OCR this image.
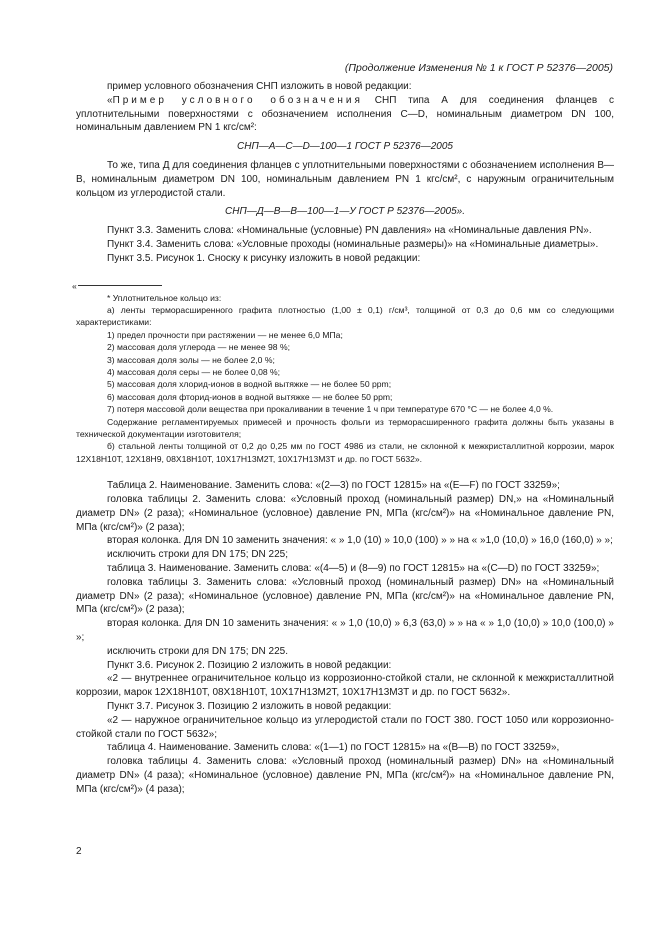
(Продолжение Изменения № 1 к ГОСТ Р 52376—2005)

пример условного обозначения СНП изложить в новой редакции:

«Пример условного обозначения СНП типа А для соединения фланцев с уплотнительными поверхностями с обозначением исполнения С—D, номинальным диаметром DN 100, номинальным давлением PN 1 кгс/см²:

СНП—А—С—D—100—1 ГОСТ Р 52376—2005

То же, типа Д для соединения фланцев с уплотнительными поверхностями с обозначением исполнения В—В, номинальным диаметром DN 100, номинальным давлением PN 1 кгс/см², с наружным ограничительным кольцом из углеродистой стали.

СНП—Д—В—В—100—1—У ГОСТ Р 52376—2005».

Пункт 3.3. Заменить слова: «Номинальные (условные) PN давления» на «Номинальные давления PN».

Пункт 3.4. Заменить слова: «Условные проходы (номинальные размеры)» на «Номинальные диаметры».

Пункт 3.5. Рисунок 1. Сноску к рисунку изложить в новой редакции:

«

* Уплотнительное кольцо из:

а) ленты терморасширенного графита плотностью (1,00 ± 0,1) г/см³, толщиной от 0,3 до 0,6 мм со следующими характеристиками:

1) предел прочности при растяжении — не менее 6,0 МПа;

2) массовая доля углерода — не менее 98 %;

3) массовая доля золы — не более 2,0 %;

4) массовая доля серы — не более 0,08 %;

5) массовая доля хлорид-ионов в водной вытяжке — не более 50 ppm;

6) массовая доля фторид-ионов в водной вытяжке — не более 50 ppm;

7) потеря массовой доли вещества при прокаливании в течение 1 ч при температуре 670 °С — не более 4,0 %.

Содержание регламентируемых примесей и прочность фольги из терморасширенного графита должны быть указаны в технической документации изготовителя;

б) стальной ленты толщиной от 0,2 до 0,25 мм по ГОСТ 4986 из стали, не склонной к межкристаллитной коррозии, марок 12Х18Н10Т, 12Х18Н9, 08Х18Н10Т, 10Х17Н13М2Т, 10Х17Н13М3Т и др. по ГОСТ 5632».

Таблица 2. Наименование. Заменить слова: «(2—3) по ГОСТ 12815» на «(Е—F) по ГОСТ 33259»;

головка таблицы 2. Заменить слова: «Условный проход (номинальный размер) DN,» на «Номинальный диаметр DN» (2 раза); «Номинальное (условное) давление PN, МПа (кгс/см²)» на «Номинальное давление PN, МПа (кгс/см²)» (2 раза);

вторая колонка. Для DN 10 заменить значения: « » 1,0 (10) » 10,0 (100) » » на « »1,0 (10,0) » 16,0 (160,0) » »;

исключить строки для DN 175; DN 225;

таблица 3. Наименование. Заменить слова: «(4—5) и (8—9) по ГОСТ 12815» на «(С—D) по ГОСТ 33259»;

головка таблицы 3. Заменить слова: «Условный проход (номинальный размер) DN» на «Номинальный диаметр DN» (2 раза); «Номинальное (условное) давление PN, МПа (кгс/см²)» на «Номинальное давление PN, МПа (кгс/см²)» (2 раза);

вторая колонка. Для DN 10 заменить значения: « » 1,0 (10,0) » 6,3 (63,0) » » на « » 1,0 (10,0) » 10,0 (100,0) » »;

исключить строки для DN 175; DN 225.

Пункт 3.6. Рисунок 2. Позицию 2 изложить в новой редакции:

«2 — внутреннее ограничительное кольцо из коррозионно-стойкой стали, не склонной к межкристаллитной коррозии, марок 12Х18Н10Т, 08Х18Н10Т, 10Х17Н13М2Т, 10Х17Н13М3Т и др. по ГОСТ 5632».

Пункт 3.7. Рисунок 3. Позицию 2 изложить в новой редакции:

«2 — наружное ограничительное кольцо из углеродистой стали по ГОСТ 380. ГОСТ 1050 или коррозионно-стойкой стали по ГОСТ 5632»;

таблица 4. Наименование. Заменить слова: «(1—1) по ГОСТ 12815» на «(В—В) по ГОСТ 33259»,

головка таблицы 4. Заменить слова: «Условный проход (номинальный размер) DN» на «Номинальный диаметр DN» (4 раза); «Номинальное (условное) давление PN, МПа (кгс/см²)» на «Номинальное давление PN, МПа (кгс/см²)» (4 раза);

2
